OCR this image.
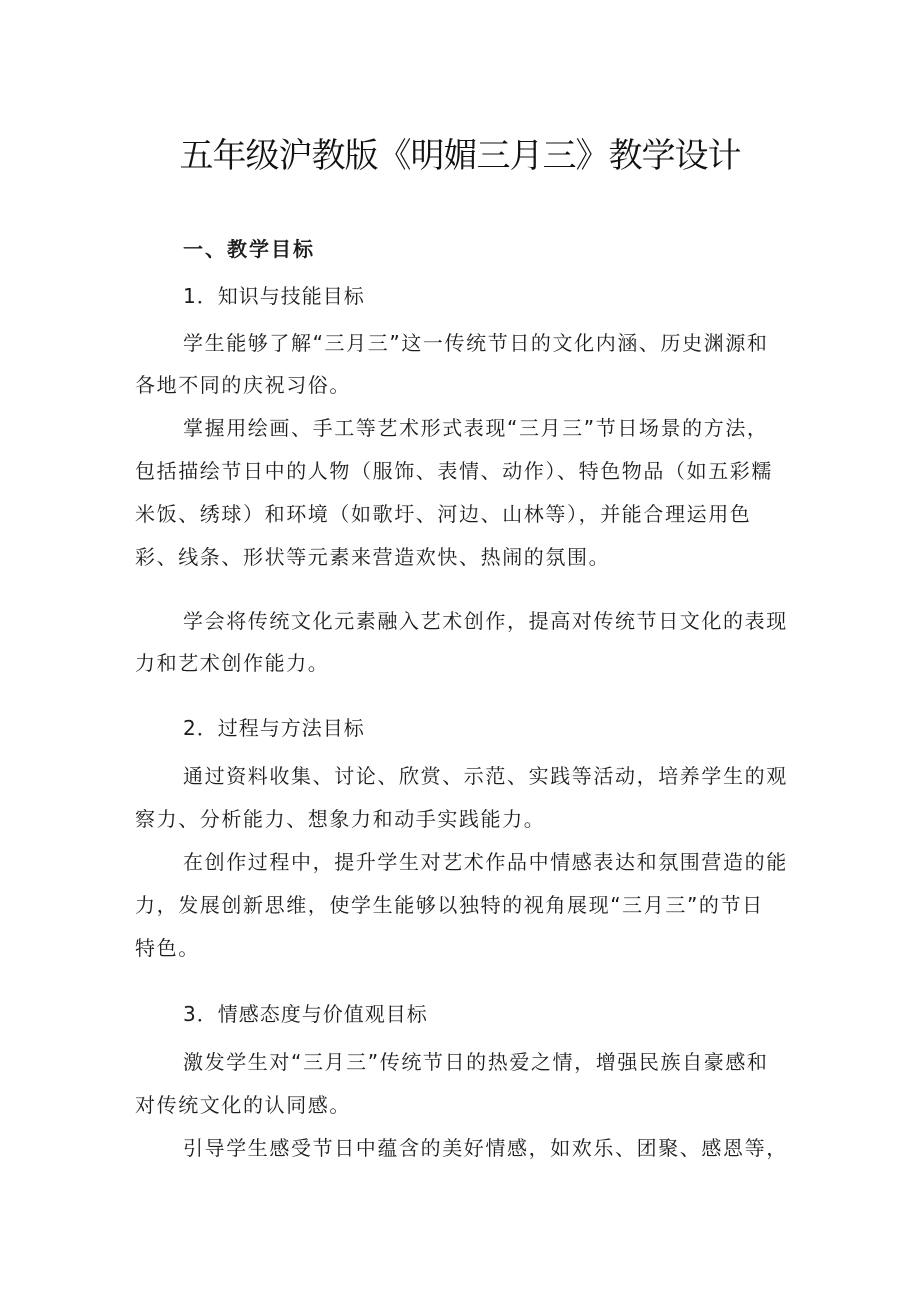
五年级沪教版《明媚三月三》教学设计
一、教学目标
1．知识与技能目标
学生能够了解“三月三”这一传统节日的文化内涵、历史渊源和
各地不同的庆祝习俗。
掌握用绘画、手工等艺术形式表现“三月三”节日场景的方法，
包括描绘节日中的人物（服饰、表情、动作）、特色物品（如五彩糯
米饭、绣球）和环境（如歌圩、河边、山林等），并能合理运用色
彩、线条、形状等元素来营造欢快、热闹的氛围。
学会将传统文化元素融入艺术创作，提高对传统节日文化的表现
力和艺术创作能力。
2．过程与方法目标
通过资料收集、讨论、欣赏、示范、实践等活动，培养学生的观
察力、分析能力、想象力和动手实践能力。
在创作过程中，提升学生对艺术作品中情感表达和氛围营造的能
力，发展创新思维，使学生能够以独特的视角展现“三月三”的节日
特色。
3．情感态度与价值观目标
激发学生对“三月三”传统节日的热爱之情，增强民族自豪感和
对传统文化的认同感。
引导学生感受节日中蕴含的美好情感，如欢乐、团聚、感恩等，
